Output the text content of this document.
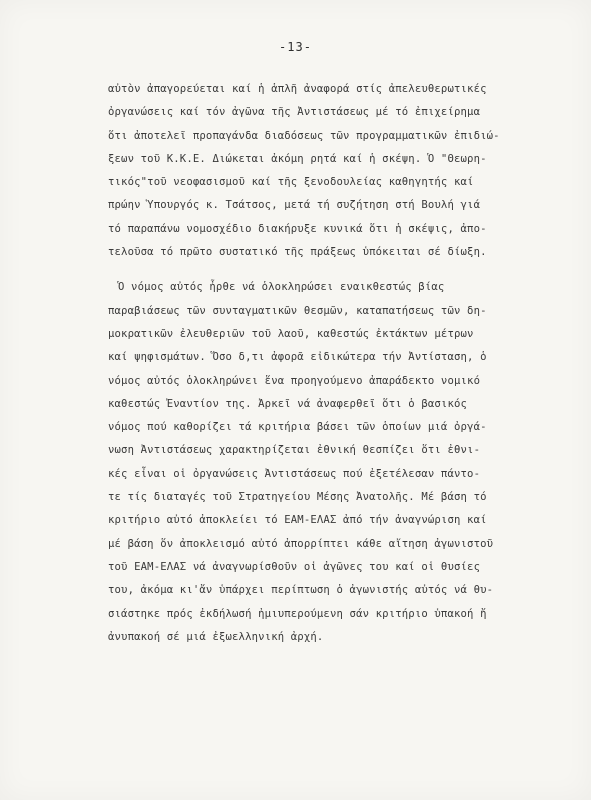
-13-
αὐτὸν ἀπαγορεύεται καί ἡ ἁπλῆ ἀναφορά στίς ἀπελευθερωτικές
ὀργανώσεις καί τόν ἀγῶνα τῆς Ἀντιστάσεως μέ τό ἐπιχείρημα
ὅτι ἀποτελεῖ προπαγάνδα διαδόσεως τῶν προγραμματικῶν ἐπιδιώ-
ξεων τοῦ Κ.Κ.Ε. Διώκεται ἀκόμη ρητά καί ἡ σκέψη. Ὁ "Θεωρη-
τικός"τοῦ νεοφασισμοῦ καί τῆς ξενοδουλείας καθηγητής καί
πρώην Ὑπουργός κ. Τσάτσος, μετά τή συζήτηση στή Βουλή γιά
τό παραπάνω νομοσχέδιο διακήρυξε κυνικά ὅτι ἡ σκέψις, ἀπο-
τελοῦσα τό πρῶτο συστατικό τῆς πράξεως ὑπόκειται σέ δίωξη.
Ὁ νόμος αὐτός ἦρθε νά ὁλοκληρώσει εναικθεστώς βίας
παραβιάσεως τῶν συνταγματικῶν θεσμῶν, καταπατήσεως τῶν δη-
μοκρατικῶν ἐλευθεριῶν τοῦ λαοῦ, καθεστώς ἐκτάκτων μέτρων
καί ψηφισμάτων. Ὅσο δ,τι ἀφορᾶ εἰδικώτερα τήν Ἀντίσταση, ὁ
νόμος αὐτός ὁλοκληρώνει ἕνα προηγούμενο ἀπαράδεκτο νομικό
καθεστώς Ἐναντίον της. Ἀρκεῖ νά ἀναφερθεῖ ὅτι ὁ βασικός
νόμος πού καθορίζει τά κριτήρια βάσει τῶν ὁποίων μιά ὀργά-
νωση Ἀντιστάσεως χαρακτηρίζεται ἐθνική θεσπίζει ὅτι ἐθνι-
κές εἶναι οἱ ὀργανώσεις Ἀντιστάσεως πού ἐξετέλεσαν πάντο-
τε τίς διαταγές τοῦ Στρατηγείου Μέσης Ἀνατολῆς. Μέ βάση τό
κριτήριο αὐτό ἀποκλείει τό ΕΑΜ-ΕΛΑΣ ἀπό τήν ἀναγνώριση καί
μέ βάση ὅν ἀποκλεισμό αὐτό ἀπορρίπτει κάθε αἴτηση ἀγωνιστοῦ
τοῦ ΕΑΜ-ΕΛΑΣ νά ἀναγνωρίσθοῦν οἱ ἀγῶνες του καί οἱ θυσίες
του, ἀκόμα κι'ἄν ὑπάρχει περίπτωση ὁ ἀγωνιστής αὐτός νά θυ-
σιάστηκε πρός ἐκδήλωσή ἠμιυπερούμενη σάν κριτήριο ὑπακοή ἤ
ἀνυπακοή σέ μιά ἐξωελληνική ἀρχή.
